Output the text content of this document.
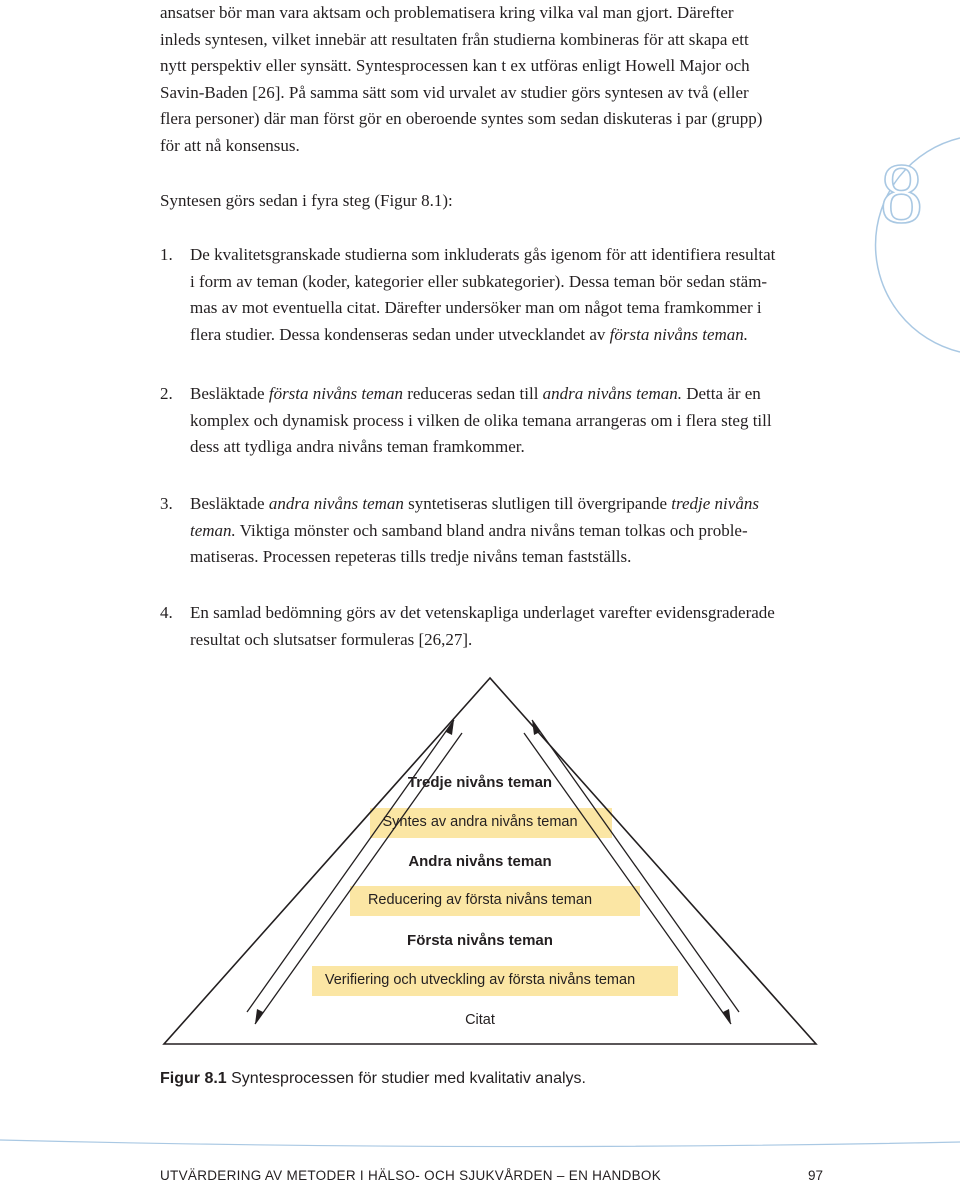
8
ansatser bör man vara aktsam och problematisera kring vilka val man gjort. Därefter
inleds syntesen, vilket innebär att resultaten från studierna kombineras för att skapa ett
nytt perspektiv eller synsätt. Syntesprocessen kan t ex utföras enligt Howell Major och
Savin-Baden [26]. På samma sätt som vid urvalet av studier görs syntesen av två (eller
flera personer) där man först gör en oberoende syntes som sedan diskuteras i par (grupp)
för att nå konsensus.
Syntesen görs sedan i fyra steg (Figur 8.1):
1. De kvalitetsgranskade studierna som inkluderats gås igenom för att identifiera resultat
i form av teman (koder, kategorier eller subkategorier). Dessa teman bör sedan stäm-
mas av mot eventuella citat. Därefter undersöker man om något tema framkommer i
flera studier. Dessa kondenseras sedan under utvecklandet av första nivåns teman.
2. Besläktade första nivåns teman reduceras sedan till andra nivåns teman. Detta är en
komplex och dynamisk process i vilken de olika temana arrangeras om i flera steg till
dess att tydliga andra nivåns teman framkommer.
3. Besläktade andra nivåns teman syntetiseras slutligen till övergripande tredje nivåns
teman. Viktiga mönster och samband bland andra nivåns teman tolkas och proble-
matiseras. Processen repeteras tills tredje nivåns teman fastställs.
4. En samlad bedömning görs av det vetenskapliga underlaget varefter evidensgraderade
resultat och slutsatser formuleras [26,27].
Tredje nivåns teman
Syntes av andra nivåns teman
Andra nivåns teman
Reducering av första nivåns teman
Första nivåns teman
Verifiering och utveckling av första nivåns teman
Citat
Figur 8.1 Syntesprocessen för studier med kvalitativ analys.
UTVÄRDERING AV METODER I HÄLSO- OCH SJUKVÅRDEN – EN HANDBOK	97
